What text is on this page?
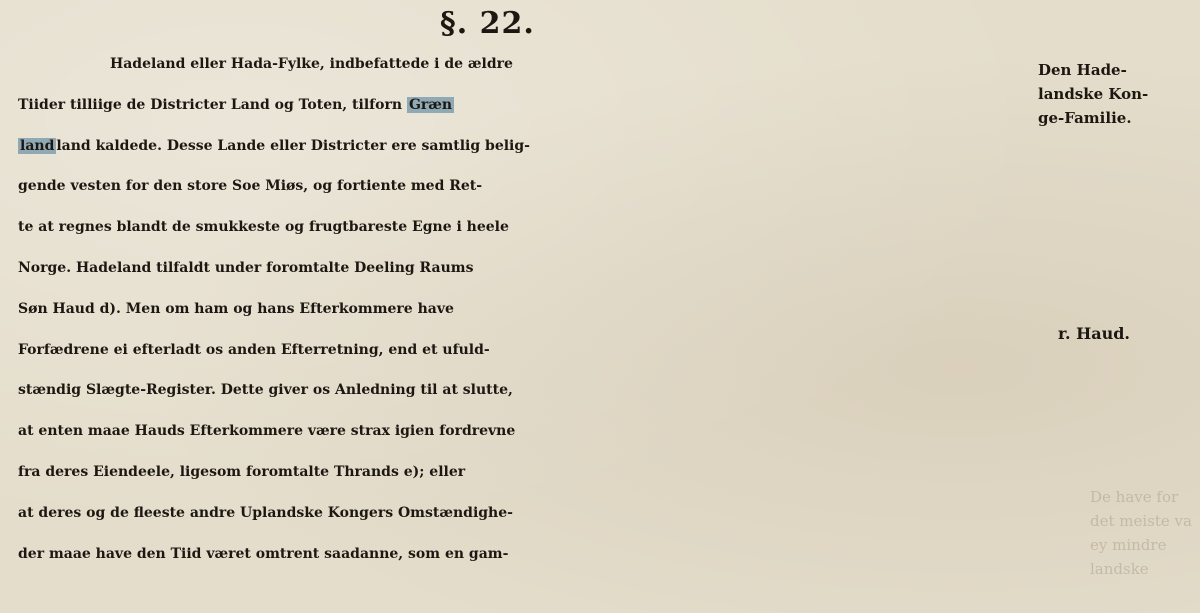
De have for
det meiste va
ey mindre
landske
§. 22.
Hadeland eller Hada-Fylke, indbefattede i de ældre
Tiider tilliige de Districter Land og Toten, tilforn Græn
land land kaldede. Desse Lande eller Districter ere samtlig belig-
gende vesten for den store Soe Miøs, og fortiente med Ret-
te at regnes blandt de smukkeste og frugtbareste Egne i heele
Norge. Hadeland tilfaldt under foromtalte Deeling Raums
Søn Haud d). Men om ham og hans Efterkommere have
Forfædrene ei efterladt os anden Efterretning, end et ufuld-
stændig Slægte-Register. Dette giver os Anledning til at slutte,
at enten maae Hauds Efterkommere være strax igien fordrevne
fra deres Eiendeele, ligesom foromtalte Thrands e); eller
at deres og de fleeste andre Uplandske Kongers Omstændighe-
der maae have den Tiid været omtrent saadanne, som en gam-
Den Hade-
landske Kon-
ge-Familie.
r. Haud.
